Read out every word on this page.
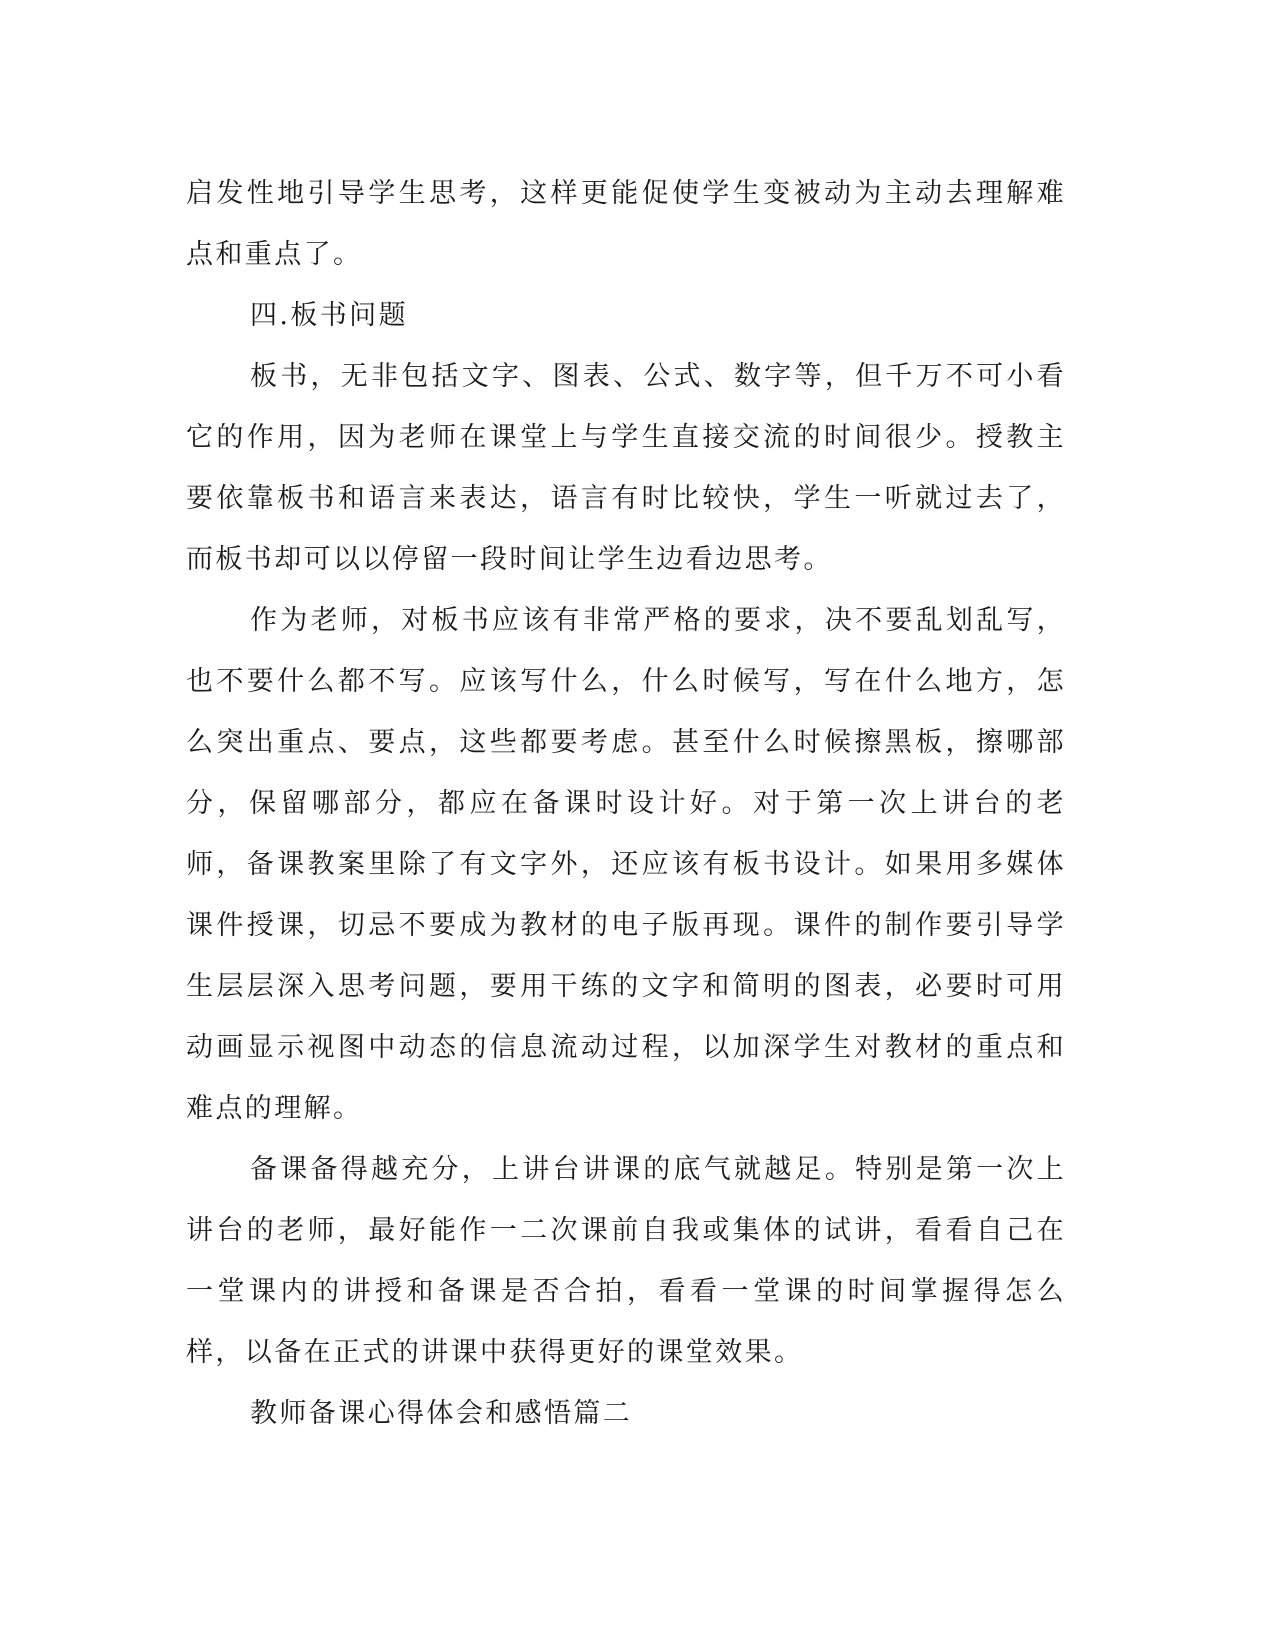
启发性地引导学生思考，这样更能促使学生变被动为主动去理解难点和重点了。

四.板书问题

板书，无非包括文字、图表、公式、数字等，但千万不可小看它的作用，因为老师在课堂上与学生直接交流的时间很少。授教主要依靠板书和语言来表达，语言有时比较快，学生一听就过去了，而板书却可以以停留一段时间让学生边看边思考。

作为老师，对板书应该有非常严格的要求，决不要乱划乱写，也不要什么都不写。应该写什么，什么时候写，写在什么地方，怎么突出重点、要点，这些都要考虑。甚至什么时候擦黑板，擦哪部分，保留哪部分，都应在备课时设计好。对于第一次上讲台的老师，备课教案里除了有文字外，还应该有板书设计。如果用多媒体课件授课，切忌不要成为教材的电子版再现。课件的制作要引导学生层层深入思考问题，要用干练的文字和简明的图表，必要时可用动画显示视图中动态的信息流动过程，以加深学生对教材的重点和难点的理解。

备课备得越充分，上讲台讲课的底气就越足。特别是第一次上讲台的老师，最好能作一二次课前自我或集体的试讲，看看自己在一堂课内的讲授和备课是否合拍，看看一堂课的时间掌握得怎么样，以备在正式的讲课中获得更好的课堂效果。

教师备课心得体会和感悟篇二
